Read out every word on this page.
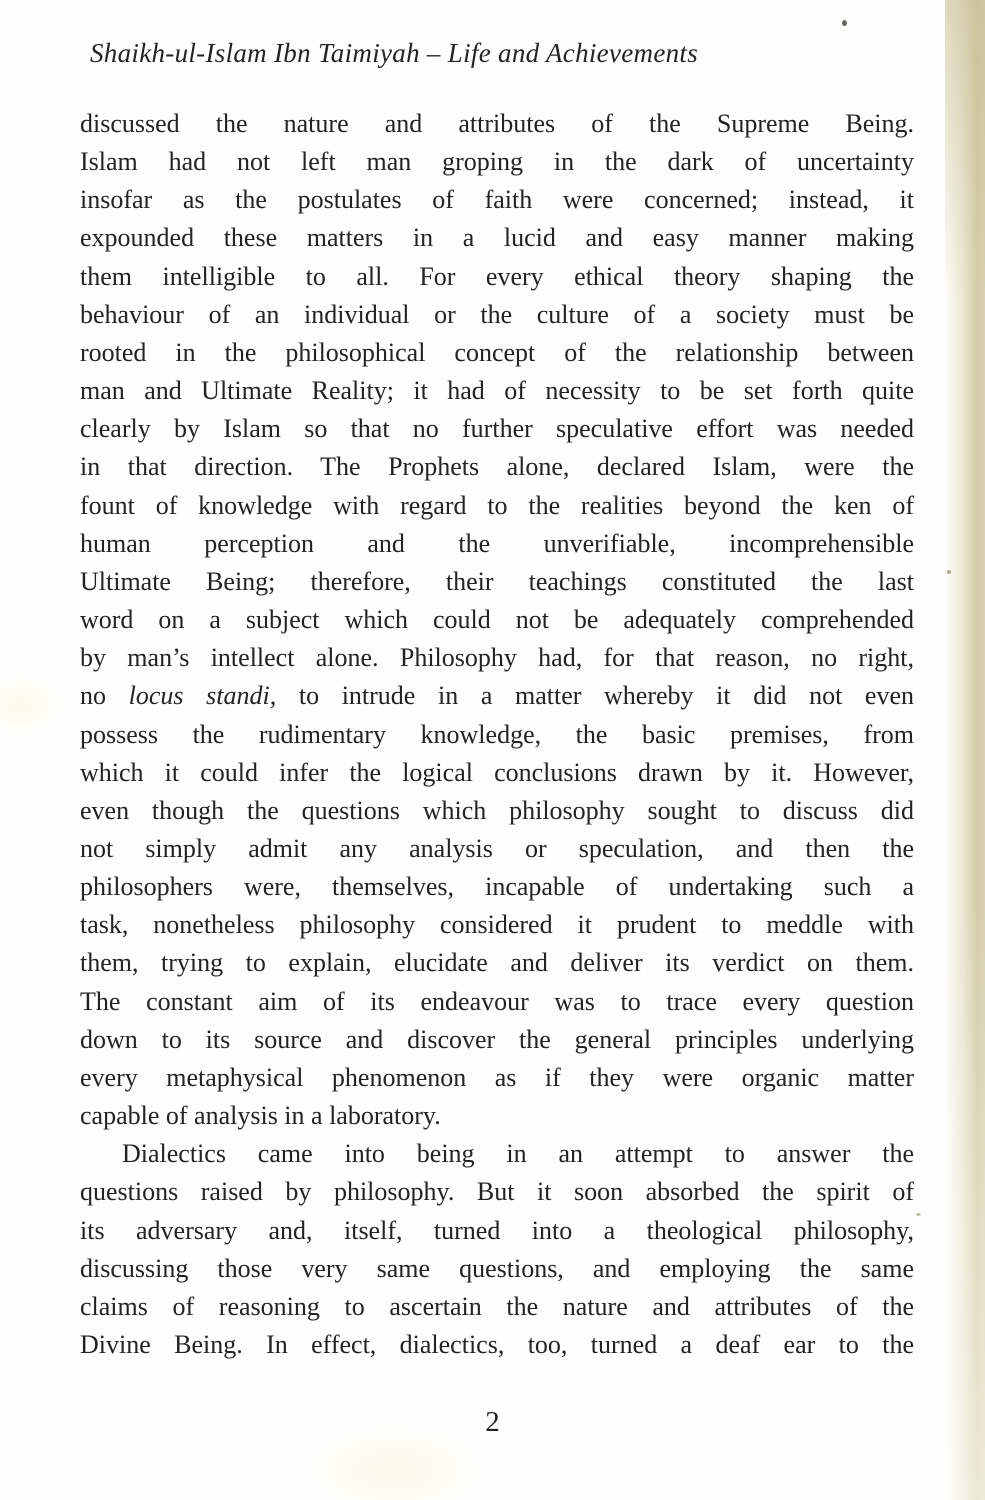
Shaikh-ul-Islam Ibn Taimiyah – Life and Achievements
discussed the nature and attributes of the Supreme Being.
Islam had not left man groping in the dark of uncertainty
insofar as the postulates of faith were concerned; instead, it
expounded these matters in a lucid and easy manner making
them intelligible to all. For every ethical theory shaping the
behaviour of an individual or the culture of a society must be
rooted in the philosophical concept of the relationship between
man and Ultimate Reality; it had of necessity to be set forth quite
clearly by Islam so that no further speculative effort was needed
in that direction. The Prophets alone, declared Islam, were the
fount of knowledge with regard to the realities beyond the ken of
human perception and the unverifiable, incomprehensible
Ultimate Being; therefore, their teachings constituted the last
word on a subject which could not be adequately comprehended
by man’s intellect alone. Philosophy had, for that reason, no right,
no locus standi, to intrude in a matter whereby it did not even
possess the rudimentary knowledge, the basic premises, from
which it could infer the logical conclusions drawn by it. However,
even though the questions which philosophy sought to discuss did
not simply admit any analysis or speculation, and then the
philosophers were, themselves, incapable of undertaking such a
task, nonetheless philosophy considered it prudent to meddle with
them, trying to explain, elucidate and deliver its verdict on them.
The constant aim of its endeavour was to trace every question
down to its source and discover the general principles underlying
every metaphysical phenomenon as if they were organic matter
capable of analysis in a laboratory.
Dialectics came into being in an attempt to answer the
questions raised by philosophy. But it soon absorbed the spirit of
its adversary and, itself, turned into a theological philosophy,
discussing those very same questions, and employing the same
claims of reasoning to ascertain the nature and attributes of the
Divine Being. In effect, dialectics, too, turned a deaf ear to the
2
